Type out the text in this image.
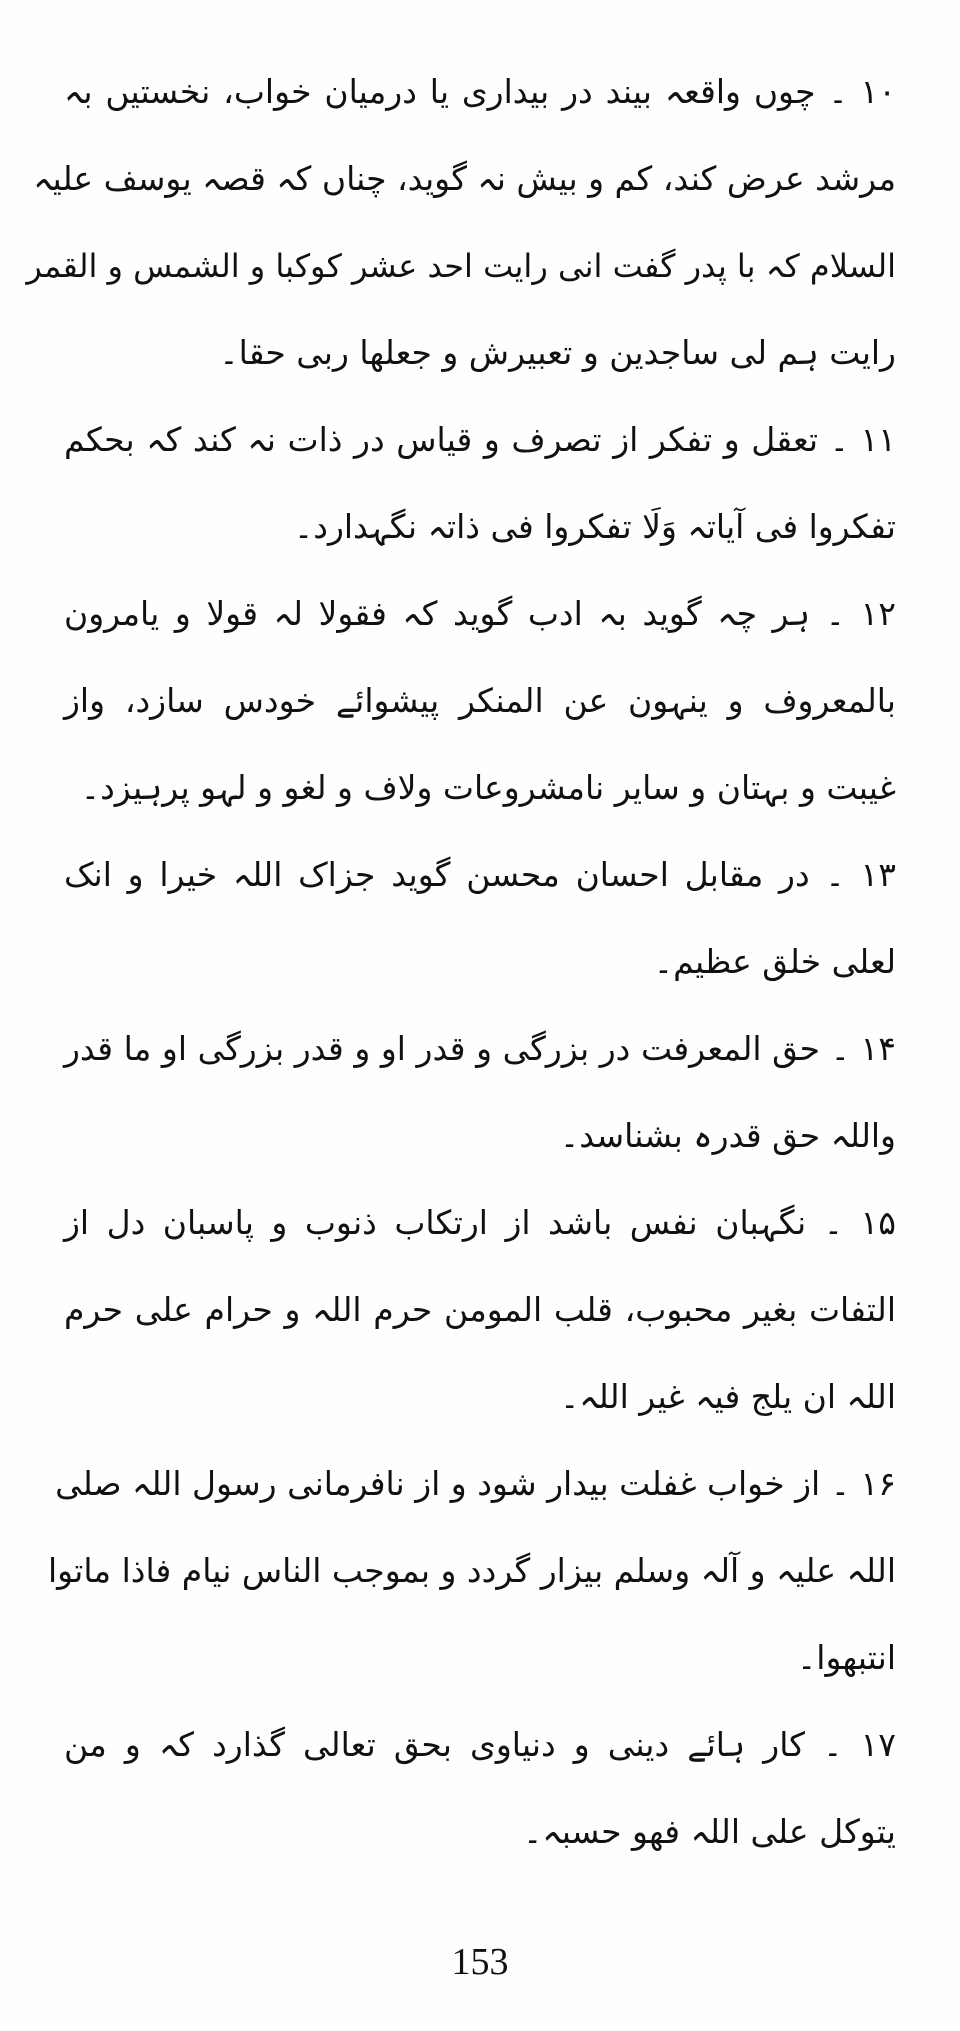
۱۰ ۔ چوں واقعہ بیند در بیداری یا درمیان خواب، نخستیں بہ
مرشد عرض کند، کم و بیش نہ گوید، چناں کہ قصہ یوسف علیہ
السلام کہ با پدر گفت انی رایت احد عشر کوکبا و الشمس و القمر
رایت ہم لی ساجدین و تعبیرش و جعلھا ربی حقا۔
۱۱ ۔ تعقل و تفکر از تصرف و قیاس در ذات نہ کند کہ بحکم
تفکروا فی آیاتہ وَلَا تفکروا فی ذاتہ نگہدارد۔
۱۲ ۔ ہر چہ گوید بہ ادب گوید کہ فقولا لہ قولا و یامرون
بالمعروف و ینہون عن المنکر پیشوائے خودس سازد، واز
غیبت و بہتان و سایر نامشروعات ولاف و لغو و لہو پرہیزد۔
۱۳ ۔ در مقابل احسان محسن گوید جزاک اللہ خیرا و انک
لعلی خلق عظیم۔
۱۴ ۔ حق المعرفت در بزرگی و قدر او و قدر بزرگی او ما قدر
واللہ حق قدرہ بشناسد۔
۱۵ ۔ نگہبان نفس باشد از ارتکاب ذنوب و پاسبان دل از
التفات بغیر محبوب، قلب المومن حرم اللہ و حرام علی حرم
اللہ ان یلج فیہ غیر اللہ۔
۱۶ ۔ از خواب غفلت بیدار شود و از نافرمانی رسول اللہ صلی
اللہ علیہ و آلہ وسلم بیزار گردد و بموجب الناس نیام فاذا ماتوا
انتبھوا۔
۱۷ ۔ کار ہائے دینی و دنیاوی بحق تعالی گذارد کہ و من
یتوکل علی اللہ فھو حسبہ۔
153
